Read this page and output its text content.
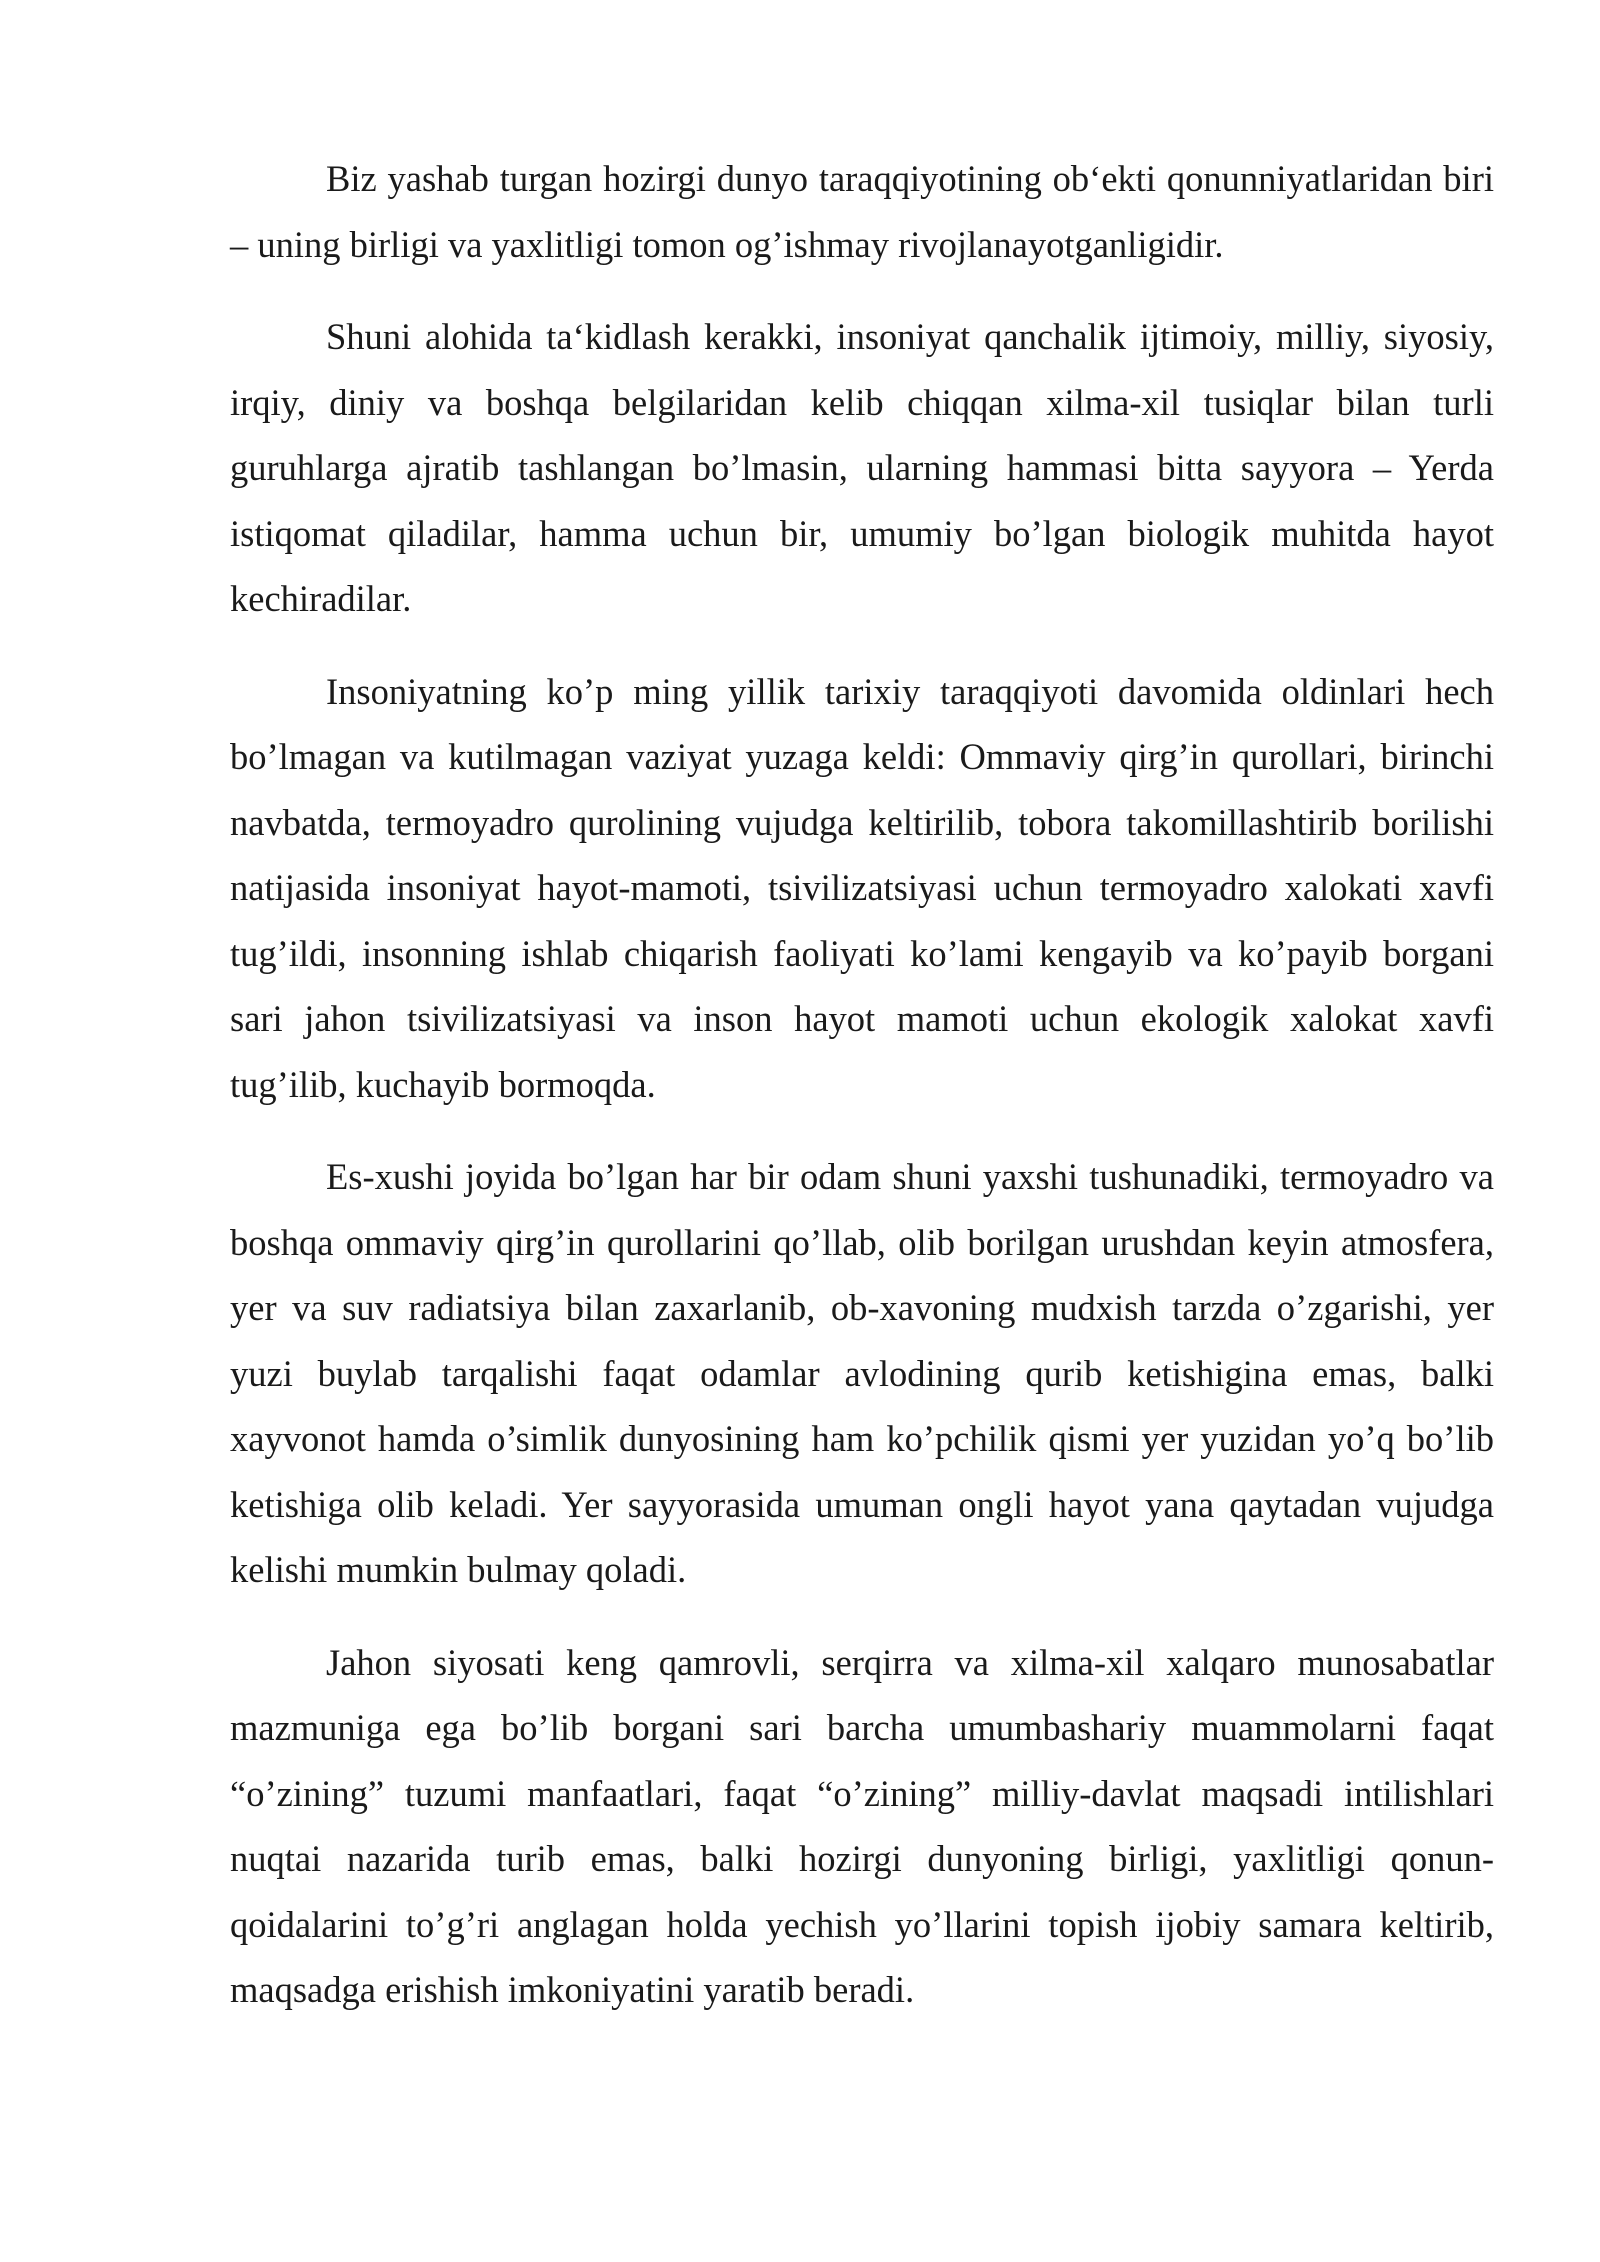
Biz yashab turgan hozirgi dunyo taraqqiyotining ob‘ekti qonunniyatlaridan biri – uning birligi va yaxlitligi tomon og’ishmay rivojlanayotganligidir.

Shuni alohida ta‘kidlash kerakki, insoniyat qanchalik ijtimoiy, milliy, siyosiy, irqiy, diniy va boshqa belgilaridan kelib chiqqan xilma-xil tusiqlar bilan turli guruhlarga ajratib tashlangan bo’lmasin, ularning hammasi bitta sayyora – Yerda istiqomat qiladilar, hamma uchun bir, umumiy bo’lgan biologik muhitda hayot kechiradilar.

Insoniyatning ko’p ming yillik tarixiy taraqqiyoti davomida oldinlari hech bo’lmagan va kutilmagan vaziyat yuzaga keldi: Ommaviy qirg’in qurollari, birinchi navbatda, termoyadro qurolining vujudga keltirilib, tobora takomillashtirib borilishi natijasida insoniyat hayot-mamoti, tsivilizatsiyasi uchun termoyadro xalokati xavfi tug’ildi, insonning ishlab chiqarish faoliyati ko’lami kengayib va ko’payib borgani sari jahon tsivilizatsiyasi va inson hayot mamoti uchun ekologik xalokat xavfi tug’ilib, kuchayib bormoqda.

Es-xushi joyida bo’lgan har bir odam shuni yaxshi tushunadiki, termoyadro va boshqa ommaviy qirg’in qurollarini qo’llab, olib borilgan urushdan keyin atmosfera, yer va suv radiatsiya bilan zaxarlanib, ob-xavoning mudxish tarzda o’zgarishi, yer yuzi buylab tarqalishi faqat odamlar avlodining qurib ketishigina emas, balki xayvonot hamda o’simlik dunyosining ham ko’pchilik qismi yer yuzidan yo’q bo’lib ketishiga olib keladi. Yer sayyorasida umuman ongli hayot yana qaytadan vujudga kelishi mumkin bulmay qoladi.

Jahon siyosati keng qamrovli, serqirra va xilma-xil xalqaro munosabatlar mazmuniga ega bo’lib borgani sari barcha umumbashariy muammolarni faqat “o’zining” tuzumi manfaatlari, faqat “o’zining” milliy-davlat maqsadi intilishlari nuqtai nazarida turib emas, balki hozirgi dunyoning birligi, yaxlitligi qonun-qoidalarini to’g’ri anglagan holda yechish yo’llarini topish ijobiy samara keltirib, maqsadga erishish imkoniyatini yaratib beradi.
